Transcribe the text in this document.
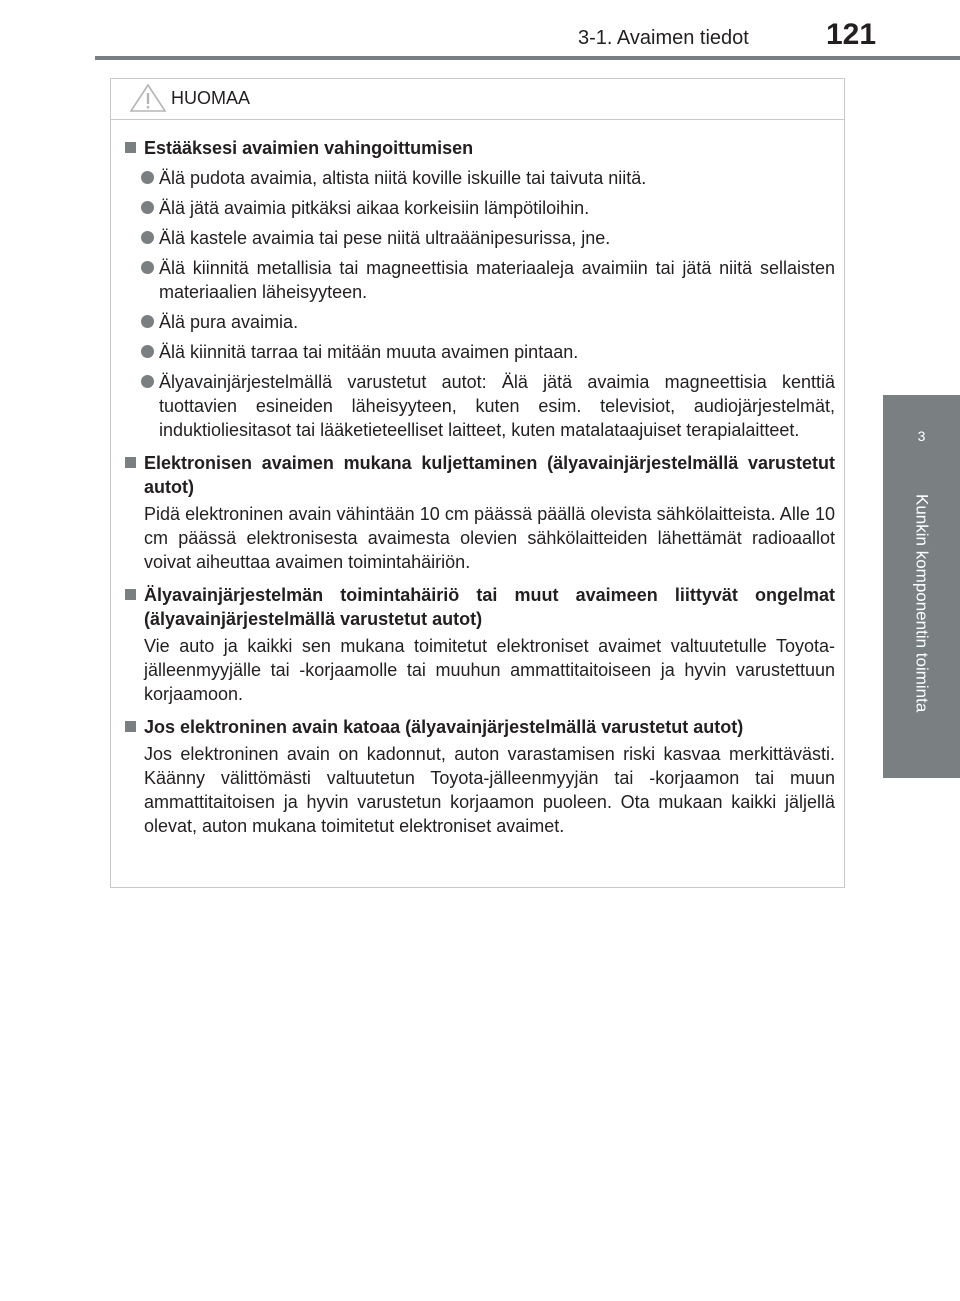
3-1. Avaimen tiedot	121
3
Kunkin komponentin toiminta
HUOMAA
Estääksesi avaimien vahingoittumisen
Älä pudota avaimia, altista niitä koville iskuille tai taivuta niitä.
Älä jätä avaimia pitkäksi aikaa korkeisiin lämpötiloihin.
Älä kastele avaimia tai pese niitä ultraäänipesurissa, jne.
Älä kiinnitä metallisia tai magneettisia materiaaleja avaimiin tai jätä niitä sellaisten materiaalien läheisyyteen.
Älä pura avaimia.
Älä kiinnitä tarraa tai mitään muuta avaimen pintaan.
Älyavainjärjestelmällä varustetut autot: Älä jätä avaimia magneettisia kenttiä tuottavien esineiden läheisyyteen, kuten esim. televisiot, audiojärjestelmät, induktioliesitasot tai lääketieteelliset laitteet, kuten matalataajuiset terapialaitteet.
Elektronisen avaimen mukana kuljettaminen (älyavainjärjestelmällä varustetut autot)
Pidä elektroninen avain vähintään 10 cm päässä päällä olevista sähkölaitteista. Alle 10 cm päässä elektronisesta avaimesta olevien sähkölaitteiden lähettämät radioaallot voivat aiheuttaa avaimen toimintahäiriön.
Älyavainjärjestelmän toimintahäiriö tai muut avaimeen liittyvät ongelmat (älyavainjärjestelmällä varustetut autot)
Vie auto ja kaikki sen mukana toimitetut elektroniset avaimet valtuutetulle Toyota-jälleenmyyjälle tai -korjaamolle tai muuhun ammattitaitoiseen ja hyvin varustettuun korjaamoon.
Jos elektroninen avain katoaa (älyavainjärjestelmällä varustetut autot)
Jos elektroninen avain on kadonnut, auton varastamisen riski kasvaa merkittävästi. Käänny välittömästi valtuutetun Toyota-jälleenmyyjän tai -korjaamon tai muun ammattitaitoisen ja hyvin varustetun korjaamon puoleen. Ota mukaan kaikki jäljellä olevat, auton mukana toimitetut elektroniset avaimet.
